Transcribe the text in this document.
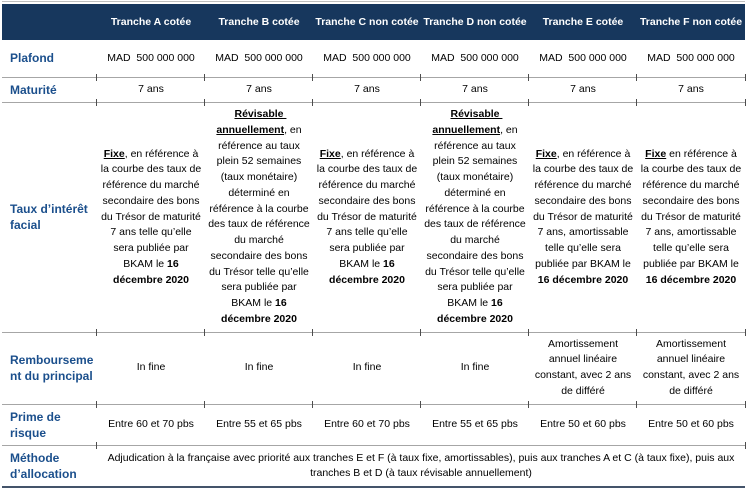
	Tranche A cotée	Tranche B cotée	Tranche C non cotée	Tranche D non cotée	Tranche E cotée	Tranche F non cotée
Plafond	MAD  500 000 000	MAD  500 000 000	MAD  500 000 000	MAD  500 000 000	MAD  500 000 000	MAD  500 000 000
Maturité	7 ans	7 ans	7 ans	7 ans	7 ans	7 ans
Taux d’intérêt facial	Fixe, en référence à la courbe des taux de référence du marché secondaire des bons du Trésor de maturité 7 ans telle qu’elle sera publiée par BKAM le 16 décembre 2020	Révisable annuellement, en référence au taux plein 52 semaines (taux monétaire) déterminé en référence à la courbe des taux de référence du marché secondaire des bons du Trésor telle qu’elle sera publiée par BKAM le 16 décembre 2020	Fixe, en référence à la courbe des taux de référence du marché secondaire des bons du Trésor de maturité 7 ans telle qu’elle sera publiée par BKAM le 16 décembre 2020	Révisable annuellement, en référence au taux plein 52 semaines (taux monétaire) déterminé en référence à la courbe des taux de référence du marché secondaire des bons du Trésor telle qu’elle sera publiée par BKAM le 16 décembre 2020	Fixe, en référence à la courbe des taux de référence du marché secondaire des bons du Trésor de maturité 7 ans, amortissable telle qu’elle sera publiée par BKAM le 16 décembre 2020	Fixe en référence à la courbe des taux de référence du marché secondaire des bons du Trésor de maturité 7 ans, amortissable telle qu’elle sera publiée par BKAM le 16 décembre 2020
Remboursement du principal	In fine	In fine	In fine	In fine	Amortissement annuel linéaire constant, avec 2 ans de différé	Amortissement annuel linéaire constant, avec 2 ans de différé
Prime de risque	Entre 60 et 70 pbs	Entre 55 et 65 pbs	Entre 60 et 70 pbs	Entre 55 et 65 pbs	Entre 50 et 60 pbs	Entre 50 et 60 pbs
Méthode d’allocation	Adjudication à la française avec priorité aux tranches E et F (à taux fixe, amortissables), puis aux tranches A et C (à taux fixe), puis aux tranches B et D (à taux révisable annuellement)					
